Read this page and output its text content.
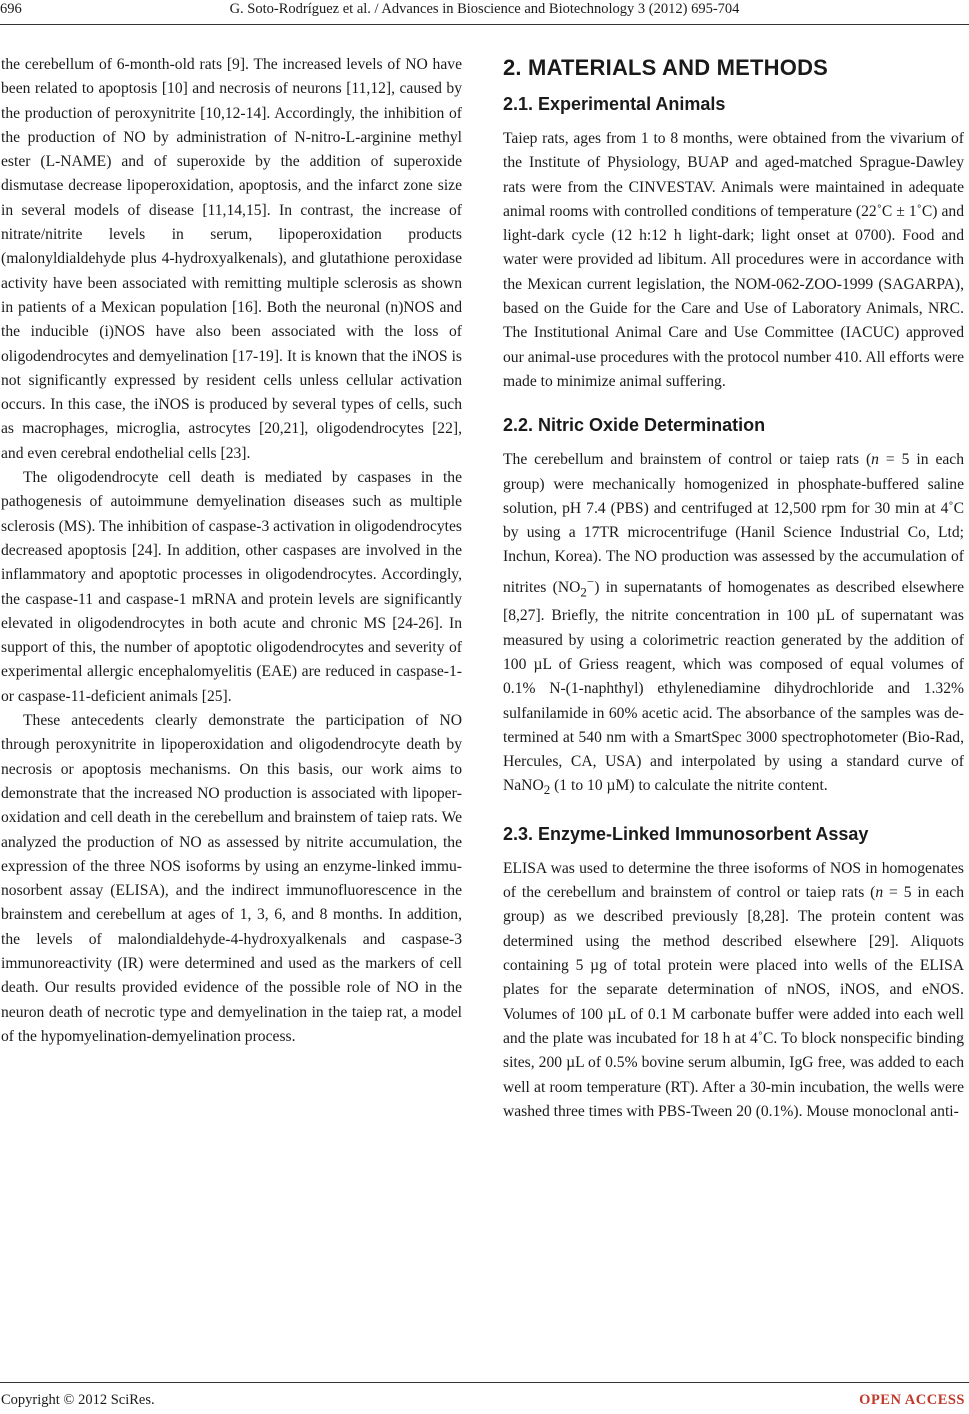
696	G. Soto-Rodríguez et al. / Advances in Bioscience and Biotechnology 3 (2012) 695-704

the cerebellum of 6-month-old rats [9]. The increased levels of NO have been related to apoptosis [10] and necrosis of neurons [11,12], caused by the production of peroxynitrite [10,12-14]. Accordingly, the inhibition of the production of NO by administration of N-nitro-L-arginine methyl ester (L-NAME) and of superoxide by the addition of superoxide dismutase decrease lipoperoxidation, apoptosis, and the infarct zone size in several models of disease [11,14,15]. In contrast, the increase of nitrate/nitrite levels in serum, lipoperoxidation products (malonyldialdehyde plus 4-hydroxyalkenals), and glutathione peroxidase activity have been associated with remitting multiple sclerosis as shown in patients of a Mexican population [16]. Both the neuronal (n)NOS and the inducible (i)NOS have also been associated with the loss of oligodendrocytes and demyelination [17-19]. It is known that the iNOS is not significantly expressed by resident cells unless cellular activation occurs. In this case, the iNOS is produced by several types of cells, such as macrophages, microglia, astrocytes [20,21], oligodendrocytes [22], and even cerebral endothelial cells [23].

The oligodendrocyte cell death is mediated by caspases in the pathogenesis of autoimmune demyelination diseases such as multiple sclerosis (MS). The inhibition of caspase-3 activation in oligodendrocytes decreased apoptosis [24]. In addition, other caspases are involved in the inflammatory and apoptotic processes in oligodendrocytes. Accordingly, the caspase-11 and caspase-1 mRNA and protein levels are significantly elevated in oligodendrocytes in both acute and chronic MS [24-26]. In support of this, the number of apoptotic oligodendrocytes and severity of experimental allergic encephalomyelitis (EAE) are reduced in caspase-1- or caspase-11-deficient animals [25].

These antecedents clearly demonstrate the participation of NO through peroxynitrite in lipoperoxidation and oligodendrocyte death by necrosis or apoptosis mechanisms. On this basis, our work aims to demonstrate that the increased NO production is associated with lipoperoxidation and cell death in the cerebellum and brainstem of taiep rats. We analyzed the production of NO as assessed by nitrite accumulation, the expression of the three NOS isoforms by using an enzyme-linked immunosorbent assay (ELISA), and the indirect immunofluorescence in the brainstem and cerebellum at ages of 1, 3, 6, and 8 months. In addition, the levels of malondialdehyde-4-hydroxyalkenals and caspase-3 immunoreactivity (IR) were determined and used as the markers of cell death. Our results provided evidence of the possible role of NO in the neuron death of necrotic type and demyelination in the taiep rat, a model of the hypomyelination-demyelination process.

2. MATERIALS AND METHODS
2.1. Experimental Animals

Taiep rats, ages from 1 to 8 months, were obtained from the vivarium of the Institute of Physiology, BUAP and aged-matched Sprague-Dawley rats were from the CINVESTAV. Animals were maintained in adequate animal rooms with controlled conditions of temperature (22˚C ± 1˚C) and light-dark cycle (12 h:12 h light-dark; light onset at 0700). Food and water were provided ad libitum. All procedures were in accordance with the Mexican current legislation, the NOM-062-ZOO-1999 (SAGARPA), based on the Guide for the Care and Use of Laboratory Animals, NRC. The Institutional Animal Care and Use Committee (IACUC) approved our animal-use procedures with the protocol number 410. All efforts were made to minimize animal suffering.

2.2. Nitric Oxide Determination

The cerebellum and brainstem of control or taiep rats (n = 5 in each group) were mechanically homogenized in phosphate-buffered saline solution, pH 7.4 (PBS) and centrifuged at 12,500 rpm for 30 min at 4˚C by using a 17TR microcentrifuge (Hanil Science Industrial Co, Ltd; Inchun, Korea). The NO production was assessed by the accumulation of nitrites $(NO_2^-)$ in supernatants of homogenates as described elsewhere [8,27]. Briefly, the nitrite concentration in 100 µL of supernatant was measured by using a colorimetric reaction generated by the addition of 100 µL of Griess reagent, which was composed of equal volumes of 0.1% N-(1-naphthyl) ethylenediamine dihydrochloride and 1.32% sulfanilamide in 60% acetic acid. The absorbance of the samples was determined at 540 nm with a SmartSpec 3000 spectrophotometer (Bio-Rad, Hercules, CA, USA) and interpolated by using a standard curve of NaNO$_2$ (1 to 10 µM) to calculate the nitrite content.

2.3. Enzyme-Linked Immunosorbent Assay

ELISA was used to determine the three isoforms of NOS in homogenates of the cerebellum and brainstem of control or taiep rats (n = 5 in each group) as we described previously [8,28]. The protein content was determined using the method described elsewhere [29]. Aliquots containing 5 µg of total protein were placed into wells of the ELISA plates for the separate determination of nNOS, iNOS, and eNOS. Volumes of 100 µL of 0.1 M carbonate buffer were added into each well and the plate was incubated for 18 h at 4˚C. To block nonspecific binding sites, 200 µL of 0.5% bovine serum albumin, IgG free, was added to each well at room temperature (RT). After a 30-min incubation, the wells were washed three times with PBS-Tween 20 (0.1%). Mouse monoclonal anti-

Copyright © 2012 SciRes.	OPEN ACCESS
